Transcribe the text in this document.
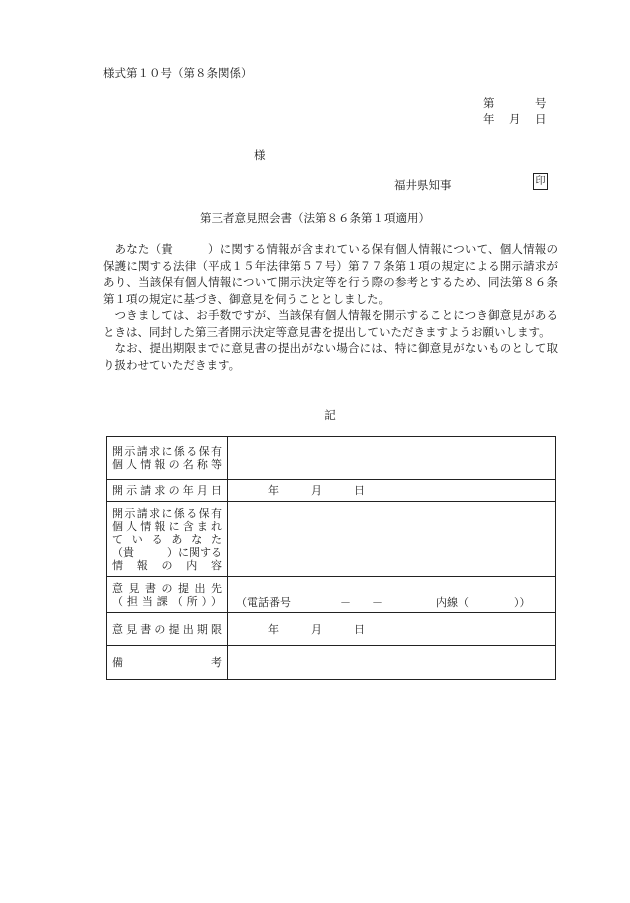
様式第１０号（第８条関係）
第	号
年 月 日
様
福井県知事	印
第三者意見照会書（法第８６条第１項適用）

あなた（貴　　　）に関する情報が含まれている保有個人情報について、個人情報の保護に関する法律（平成１５年法律第５７号）第７７条第１項の規定による開示請求があり、当該保有個人情報について開示決定等を行う際の参考とするため、同法第８６条第１項の規定に基づき、御意見を伺うこととしました。

つきましては、お手数ですが、当該保有個人情報を開示することにつき御意見があるときは、同封した第三者開示決定等意見書を提出していただきますようお願いします。

なお、提出期限までに意見書の提出がない場合には、特に御意見がないものとして取り扱わせていただきます。

記
開示請求に係る保有
個人情報の名称等	

開示請求の年月日	年 月 日

開示請求に係る保有
個人情報に含まれ
ているあなた
（貴　　　）に関する
情報の内容	

意見書の提出先
（担当課（所））	（電話番号 － － 内線（ ））

意見書の提出期限	年 月 日

備 考	
